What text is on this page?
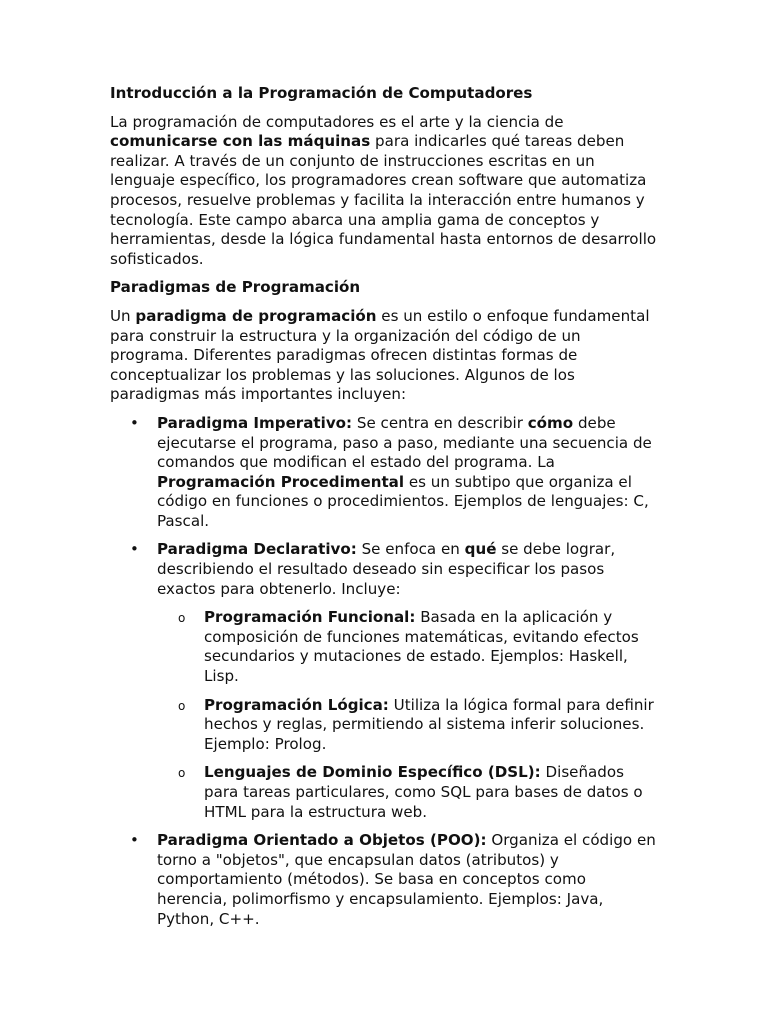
Introducción a la Programación de Computadores
La programación de computadores es el arte y la ciencia de comunicarse con las máquinas para indicarles qué tareas deben realizar. A través de un conjunto de instrucciones escritas en un lenguaje específico, los programadores crean software que automatiza procesos, resuelve problemas y facilita la interacción entre humanos y tecnología. Este campo abarca una amplia gama de conceptos y herramientas, desde la lógica fundamental hasta entornos de desarrollo sofisticados.
Paradigmas de Programación
Un paradigma de programación es un estilo o enfoque fundamental para construir la estructura y la organización del código de un programa. Diferentes paradigmas ofrecen distintas formas de conceptualizar los problemas y las soluciones. Algunos de los paradigmas más importantes incluyen:
• Paradigma Imperativo: Se centra en describir cómo debe ejecutarse el programa, paso a paso, mediante una secuencia de comandos que modifican el estado del programa. La Programación Procedimental es un subtipo que organiza el código en funciones o procedimientos. Ejemplos de lenguajes: C, Pascal.
• Paradigma Declarativo: Se enfoca en qué se debe lograr, describiendo el resultado deseado sin especificar los pasos exactos para obtenerlo. Incluye:
o Programación Funcional: Basada en la aplicación y composición de funciones matemáticas, evitando efectos secundarios y mutaciones de estado. Ejemplos: Haskell, Lisp.
o Programación Lógica: Utiliza la lógica formal para definir hechos y reglas, permitiendo al sistema inferir soluciones. Ejemplo: Prolog.
o Lenguajes de Dominio Específico (DSL): Diseñados para tareas particulares, como SQL para bases de datos o HTML para la estructura web.
• Paradigma Orientado a Objetos (POO): Organiza el código en torno a "objetos", que encapsulan datos (atributos) y comportamiento (métodos). Se basa en conceptos como herencia, polimorfismo y encapsulamiento. Ejemplos: Java, Python, C++.
